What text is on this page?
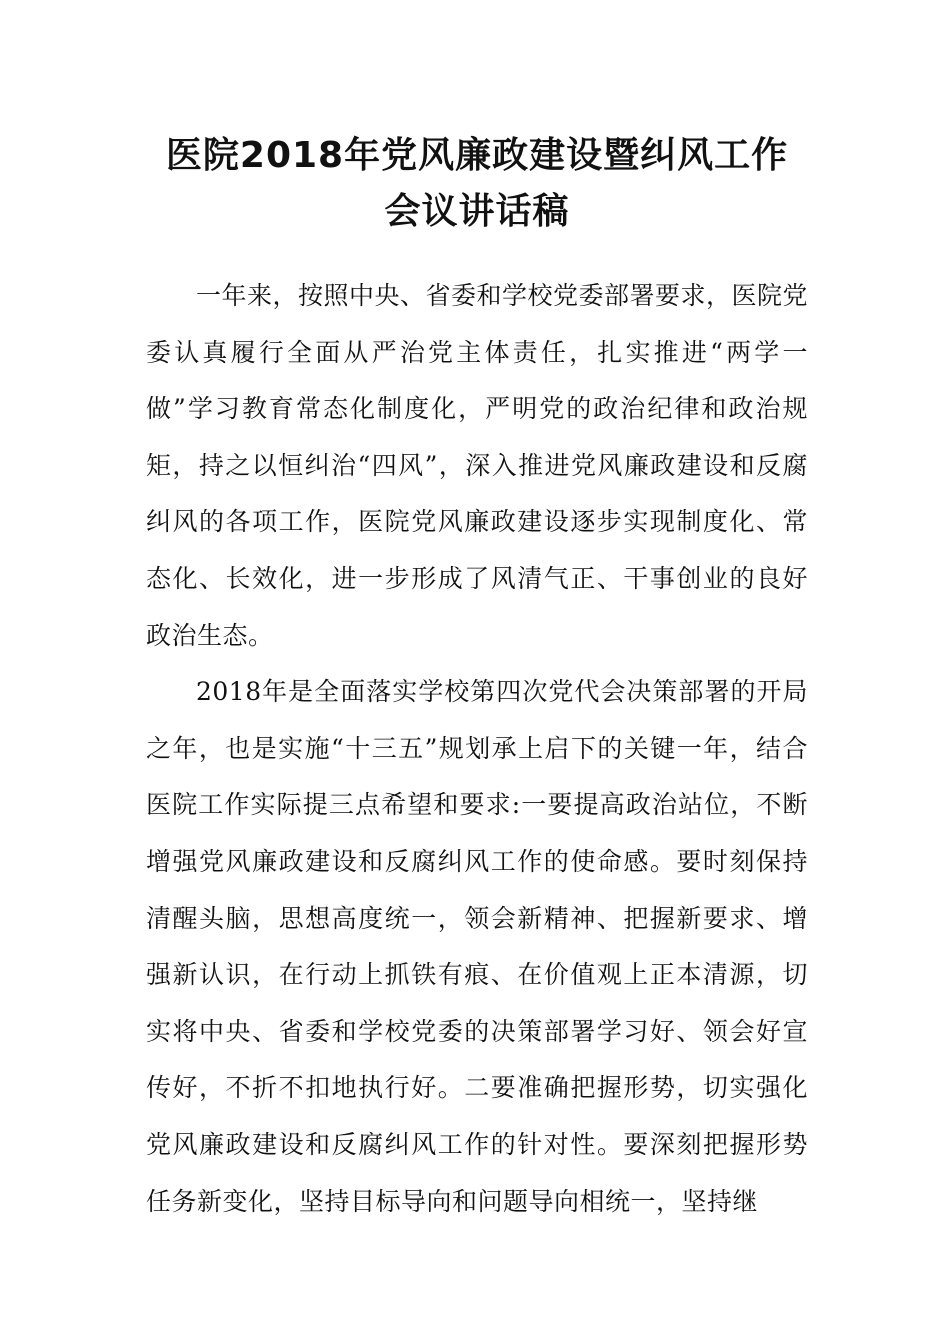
医院2018年党风廉政建设暨纠风工作
会议讲话稿

一年来，按照中央、省委和学校党委部署要求，医院党委认真履行全面从严治党主体责任，扎实推进“两学一做”学习教育常态化制度化，严明党的政治纪律和政治规矩，持之以恒纠治“四风”，深入推进党风廉政建设和反腐纠风的各项工作，医院党风廉政建设逐步实现制度化、常态化、长效化，进一步形成了风清气正、干事创业的良好政治生态。

2018年是全面落实学校第四次党代会决策部署的开局之年，也是实施“十三五”规划承上启下的关键一年，结合医院工作实际提三点希望和要求:一要提高政治站位，不断增强党风廉政建设和反腐纠风工作的使命感。要时刻保持清醒头脑，思想高度统一，领会新精神、把握新要求、增强新认识，在行动上抓铁有痕、在价值观上正本清源，切实将中央、省委和学校党委的决策部署学习好、领会好宣传好，不折不扣地执行好。二要准确把握形势，切实强化党风廉政建设和反腐纠风工作的针对性。要深刻把握形势任务新变化，坚持目标导向和问题导向相统一，坚持继
